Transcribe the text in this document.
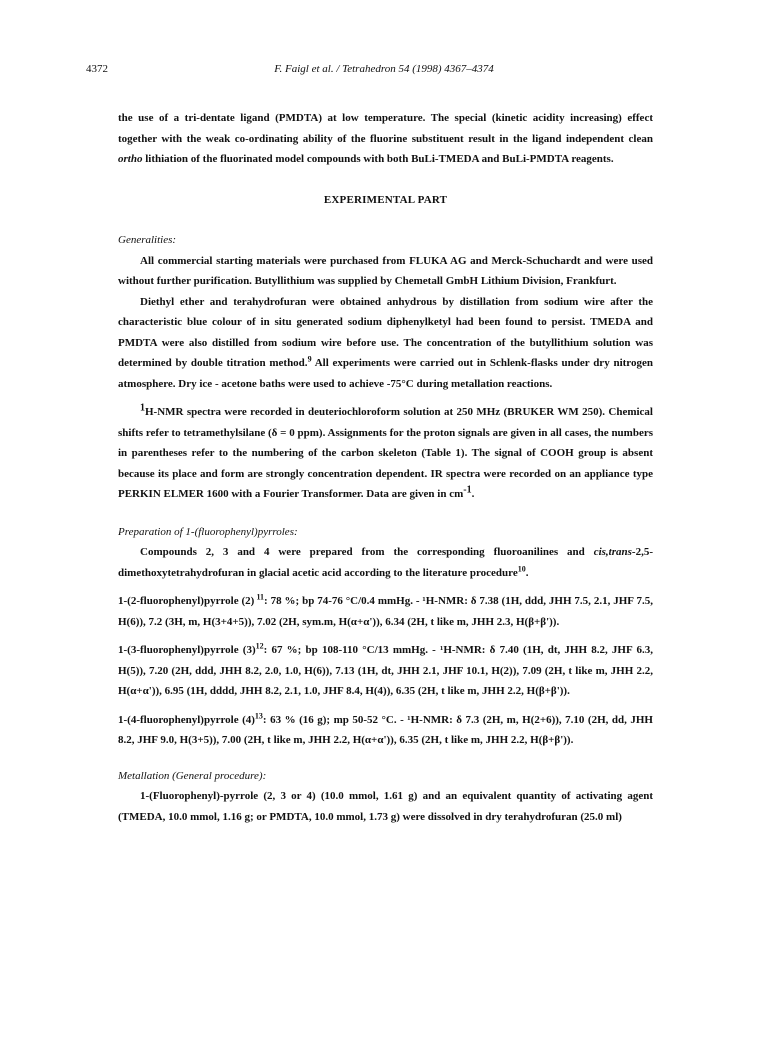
4372	F. Faigl et al. / Tetrahedron 54 (1998) 4367–4374

the use of a tri-dentate ligand (PMDTA) at low temperature. The special (kinetic acidity increasing) effect together with the weak co-ordinating ability of the fluorine substituent result in the ligand independent clean ortho lithiation of the fluorinated model compounds with both BuLi-TMEDA and BuLi-PMDTA reagents.

EXPERIMENTAL PART

Generalities:

All commercial starting materials were purchased from FLUKA AG and Merck-Schuchardt and were used without further purification. Butyllithium was supplied by Chemetall GmbH Lithium Division, Frankfurt.

Diethyl ether and terahydrofuran were obtained anhydrous by distillation from sodium wire after the characteristic blue colour of in situ generated sodium diphenylketyl had been found to persist. TMEDA and PMDTA were also distilled from sodium wire before use. The concentration of the butyllithium solution was determined by double titration method.$^9$ All experiments were carried out in Schlenk-flasks under dry nitrogen atmosphere. Dry ice - acetone baths were used to achieve -75°C during metallation reactions.

$^1$H-NMR spectra were recorded in deuteriochloroform solution at 250 MHz (BRUKER WM 250). Chemical shifts refer to tetramethylsilane (δ = 0 ppm). Assignments for the proton signals are given in all cases, the numbers in parentheses refer to the numbering of the carbon skeleton (Table 1). The signal of COOH group is absent because its place and form are strongly concentration dependent. IR spectra were recorded on an appliance type PERKIN ELMER 1600 with a Fourier Transformer. Data are given in $cm^{-1}$.

Preparation of 1-(fluorophenyl)pyrroles:

Compounds 2, 3 and 4 were prepared from the corresponding fluoroanilines and cis,trans-2,5-dimethoxytetrahydrofuran in glacial acetic acid according to the literature procedure$^{10}$.

1-(2-fluorophenyl)pyrrole (2) $^{11}$: 78 %; bp 74-76 °C/0.4 mmHg. - ¹H-NMR: δ 7.38 (1H, ddd, JHH 7.5, 2.1, JHF 7.5, H(6)), 7.2 (3H, m, H(3+4+5)), 7.02 (2H, sym.m, H(α+α')), 6.34 (2H, t like m, JHH 2.3, H(β+β')).

1-(3-fluorophenyl)pyrrole $(3)^{12}$: 67 %; bp 108-110 °C/13 mmHg. - ¹H-NMR: δ 7.40 (1H, dt, JHH 8.2, JHF 6.3, H(5)), 7.20 (2H, ddd, JHH 8.2, 2.0, 1.0, H(6)), 7.13 (1H, dt, JHH 2.1, JHF 10.1, H(2)), 7.09 (2H, t like m, JHH 2.2, H(α+α')), 6.95 (1H, dddd, JHH 8.2, 2.1, 1.0, JHF 8.4, H(4)), 6.35 (2H, t like m, JHH 2.2, H(β+β')).

1-(4-fluorophenyl)pyrrole $(4)^{13}$: 63 % (16 g); mp 50-52 °C. - ¹H-NMR: δ 7.3 (2H, m, H(2+6)), 7.10 (2H, dd, JHH 8.2, JHF 9.0, H(3+5)), 7.00 (2H, t like m, JHH 2.2, H(α+α')), 6.35 (2H, t like m, JHH 2.2, H(β+β')).

Metallation (General procedure):

1-(Fluorophenyl)-pyrrole (2, 3 or 4) (10.0 mmol, 1.61 g) and an equivalent quantity of activating agent (TMEDA, 10.0 mmol, 1.16 g; or PMDTA, 10.0 mmol, 1.73 g) were dissolved in dry terahydrofuran (25.0 ml)
